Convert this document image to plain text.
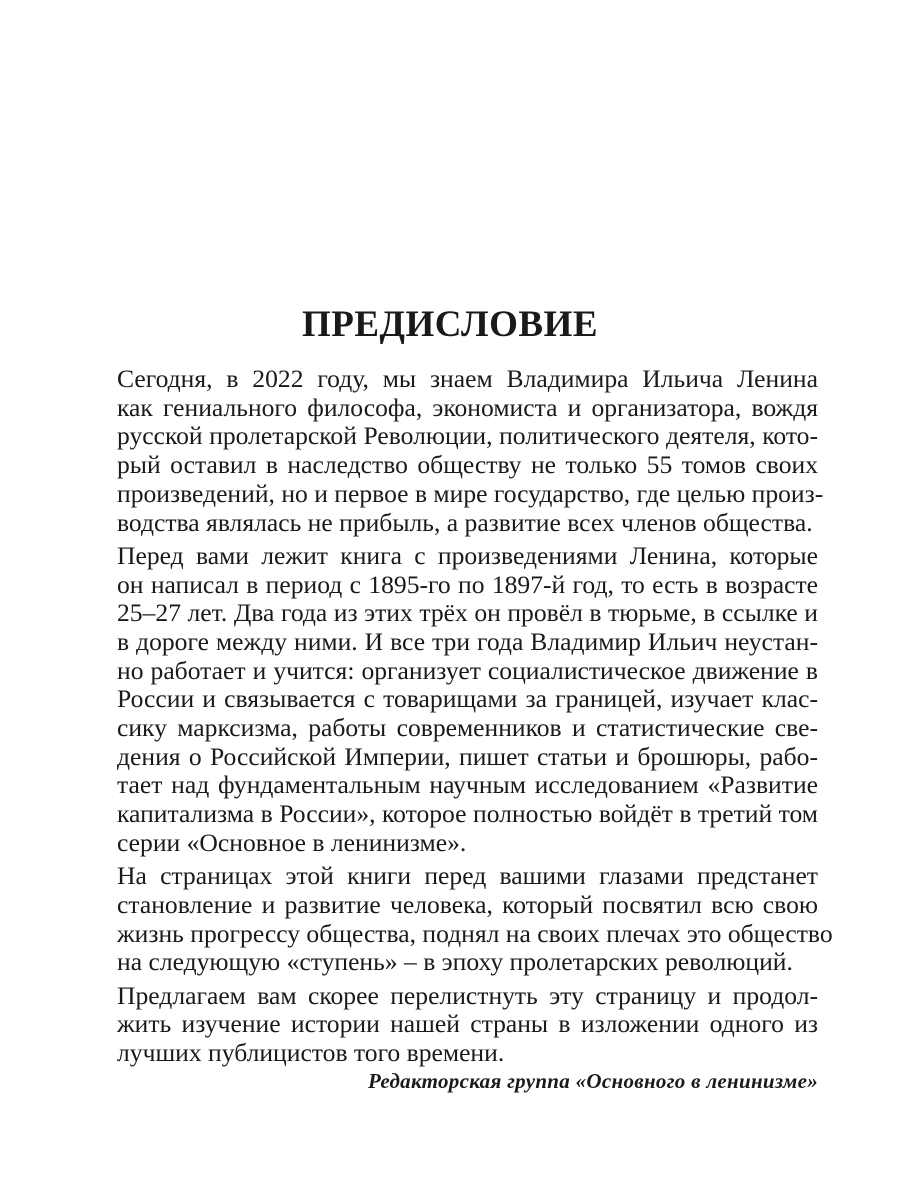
ПРЕДИСЛОВИЕ

Сегодня, в 2022 году, мы знаем Владимира Ильича Ленина
как гениального философа, экономиста и организатора, вождя
русской пролетарской Революции, политического деятеля, кото-
рый оставил в наследство обществу не только 55 томов своих
произведений, но и первое в мире государство, где целью произ-
водства являлась не прибыль, а развитие всех членов общества.

Перед вами лежит книга с произведениями Ленина, которые
он написал в период с 1895-го по 1897-й год, то есть в возрасте
25–27 лет. Два года из этих трёх он провёл в тюрьме, в ссылке и
в дороге между ними. И все три года Владимир Ильич неустан-
но работает и учится: организует социалистическое движение в
России и связывается с товарищами за границей, изучает клас-
сику марксизма, работы современников и статистические све-
дения о Российской Империи, пишет статьи и брошюры, рабо-
тает над фундаментальным научным исследованием «Развитие
капитализма в России», которое полностью войдёт в третий том
серии «Основное в ленинизме».

На страницах этой книги перед вашими глазами предстанет
становление и развитие человека, который посвятил всю свою
жизнь прогрессу общества, поднял на своих плечах это общество
на следующую «ступень» – в эпоху пролетарских революций.

Предлагаем вам скорее перелистнуть эту страницу и продол-
жить изучение истории нашей страны в изложении одного из
лучших публицистов того времени.

Редакторская группа «Основного в ленинизме»
